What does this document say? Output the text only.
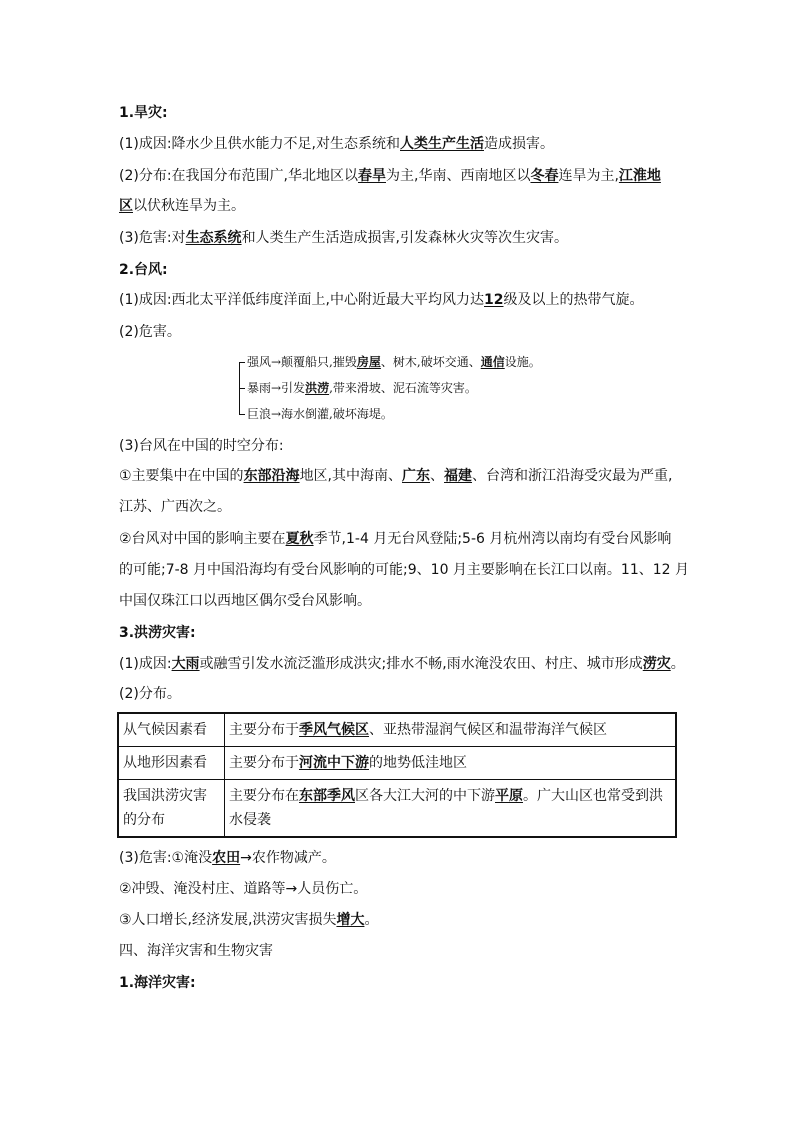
1.旱灾:
(1)成因:降水少且供水能力不足,对生态系统和人类生产生活造成损害。
(2)分布:在我国分布范围广,华北地区以春旱为主,华南、西南地区以冬春连旱为主,江淮地
区以伏秋连旱为主。
(3)危害:对生态系统和人类生产生活造成损害,引发森林火灾等次生灾害。
2.台风:
(1)成因:西北太平洋低纬度洋面上,中心附近最大平均风力达12级及以上的热带气旋。
(2)危害。
强风→颠覆船只,摧毁房屋、树木,破坏交通、通信设施。
暴雨→引发洪涝,带来滑坡、泥石流等灾害。
巨浪→海水倒灌,破坏海堤。
(3)台风在中国的时空分布:
①主要集中在中国的东部沿海地区,其中海南、广东、福建、台湾和浙江沿海受灾最为严重,
江苏、广西次之。
②台风对中国的影响主要在夏秋季节,1-4 月无台风登陆;5-6 月杭州湾以南均有受台风影响
的可能;7-8 月中国沿海均有受台风影响的可能;9、10 月主要影响在长江口以南。11、12 月
中国仅珠江口以西地区偶尔受台风影响。
3.洪涝灾害:
(1)成因:大雨或融雪引发水流泛滥形成洪灾;排水不畅,雨水淹没农田、村庄、城市形成涝灾。
(2)分布。
从气候因素看	主要分布于季风气候区、亚热带湿润气候区和温带海洋气候区
从地形因素看	主要分布于河流中下游的地势低洼地区
我国洪涝灾害的分布	主要分布在东部季风区各大江大河的中下游平原。广大山区也常受到洪水侵袭
(3)危害:①淹没农田→农作物减产。
②冲毁、淹没村庄、道路等→人员伤亡。
③人口增长,经济发展,洪涝灾害损失增大。
四、海洋灾害和生物灾害
1.海洋灾害:
